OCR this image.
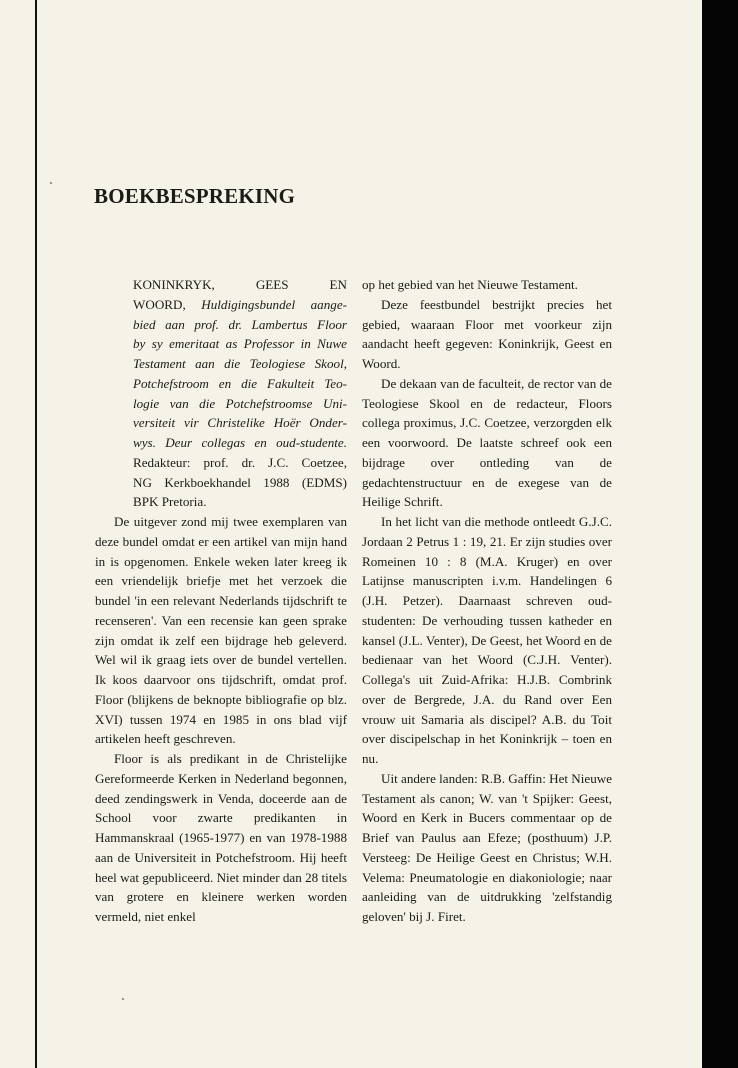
BOEKBESPREKING
KONINKRYK, GEES EN
WOORD, Huldigingsbundel aange-
bied aan prof. dr. Lambertus Floor
by sy emeritaat as Professor in Nuwe
Testament aan die Teologiese Skool,
Potchefstroom en die Fakulteit Teo-
logie van die Potchefstroomse Uni-
versiteit vir Christelike Hoër Onder-
wys. Deur collegas en oud-studente.
Redakteur: prof. dr. J.C. Coetzee,
NG Kerkboekhandel 1988 (EDMS)
BPK Pretoria.

De uitgever zond mij twee exemplaren van deze bundel omdat er een artikel van mijn hand in is opgenomen. Enkele weken later kreeg ik een vriendelijk briefje met het verzoek die bundel 'in een relevant Nederlands tijdschrift te recenseren'. Van een recensie kan geen sprake zijn omdat ik zelf een bijdrage heb geleverd. Wel wil ik graag iets over de bundel vertellen. Ik koos daarvoor ons tijdschrift, omdat prof. Floor (blijkens de beknopte bibliografie op blz. XVI) tussen 1974 en 1985 in ons blad vijf artikelen heeft geschreven.

Floor is als predikant in de Christelijke Gereformeerde Kerken in Nederland begonnen, deed zendingswerk in Venda, doceerde aan de School voor zwarte predikanten in Hammanskraal (1965-1977) en van 1978-1988 aan de Universiteit in Potchefstroom. Hij heeft heel wat gepubliceerd. Niet minder dan 28 titels van grotere en kleinere werken worden vermeld, niet enkel

op het gebied van het Nieuwe Testament.

Deze feestbundel bestrijkt precies het gebied, waaraan Floor met voorkeur zijn aandacht heeft gegeven: Koninkrijk, Geest en Woord.

De dekaan van de faculteit, de rector van de Teologiese Skool en de redacteur, Floors collega proximus, J.C. Coetzee, verzorgden elk een voorwoord. De laatste schreef ook een bijdrage over ontleding van de gedachtenstructuur en de exegese van de Heilige Schrift.

In het licht van die methode ontleedt G.J.C. Jordaan 2 Petrus 1 : 19, 21. Er zijn studies over Romeinen 10 : 8 (M.A. Kruger) en over Latijnse manuscripten i.v.m. Handelingen 6 (J.H. Petzer). Daarnaast schreven oud-studenten: De verhouding tussen katheder en kansel (J.L. Venter), De Geest, het Woord en de bedienaar van het Woord (C.J.H. Venter). Collega's uit Zuid-Afrika: H.J.B. Combrink over de Bergrede, J.A. du Rand over Een vrouw uit Samaria als discipel? A.B. du Toit over discipelschap in het Koninkrijk – toen en nu.

Uit andere landen: R.B. Gaffin: Het Nieuwe Testament als canon; W. van 't Spijker: Geest, Woord en Kerk in Bucers commentaar op de Brief van Paulus aan Efeze; (posthuum) J.P. Versteeg: De Heilige Geest en Christus; W.H. Velema: Pneumatologie en diakoniologie; naar aanleiding van de uitdrukking 'zelfstandig geloven' bij J. Firet.
